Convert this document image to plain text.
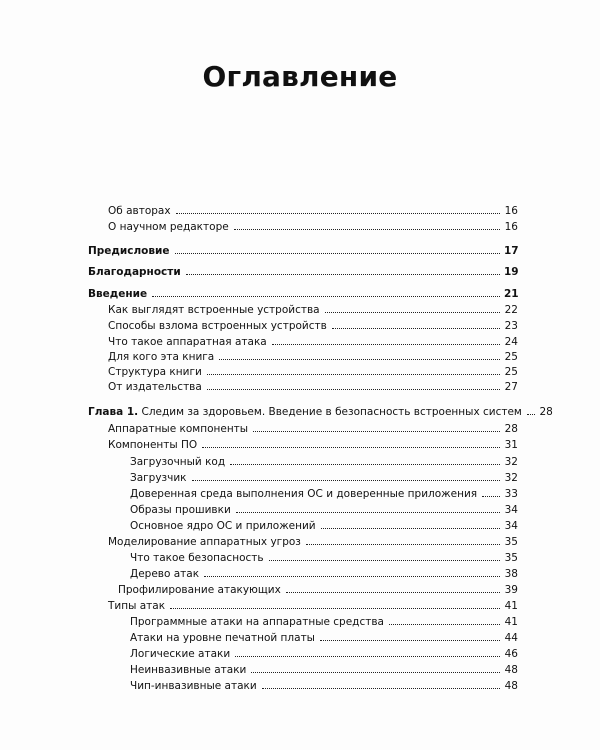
Оглавление
Об авторах	16
О научном редакторе	16
Предисловие	17
Благодарности	19
Введение	21
Как выглядят встроенные устройства	22
Способы взлома встроенных устройств	23
Что такое аппаратная атака	24
Для кого эта книга	25
Структура книги	25
От издательства	27
Глава 1. Следим за здоровьем. Введение в безопасность встроенных систем 28
Аппаратные компоненты	28
Компоненты ПО	31
Загрузочный код	32
Загрузчик	32
Доверенная среда выполнения ОС и доверенные приложения	33
Образы прошивки	34
Основное ядро ОС и приложений	34
Моделирование аппаратных угроз	35
Что такое безопасность	35
Дерево атак	38
Профилирование атакующих	39
Типы атак	41
Программные атаки на аппаратные средства	41
Атаки на уровне печатной платы	44
Логические атаки	46
Неинвазивные атаки	48
Чип-инвазивные атаки	48
